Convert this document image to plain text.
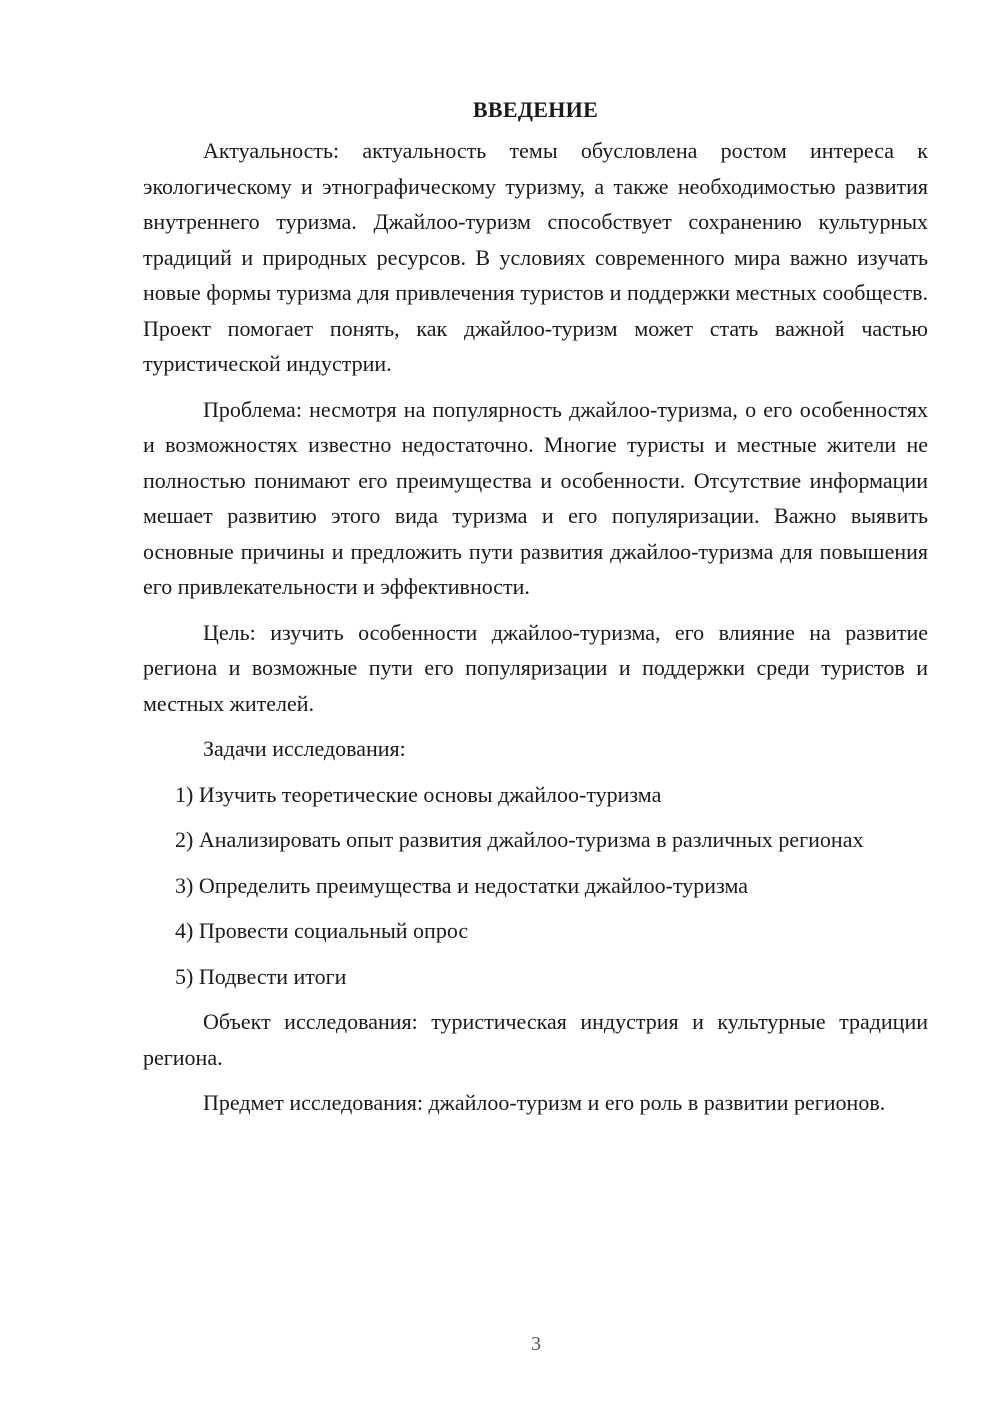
ВВЕДЕНИЕ

Актуальность: актуальность темы обусловлена ростом интереса к экологическому и этнографическому туризму, а также необходимостью развития внутреннего туризма. Джайлоо-туризм способствует сохранению культурных традиций и природных ресурсов. В условиях современного мира важно изучать новые формы туризма для привлечения туристов и поддержки местных сообществ. Проект помогает понять, как джайлоо-туризм может стать важной частью туристической индустрии.

Проблема: несмотря на популярность джайлоо-туризма, о его особенностях и возможностях известно недостаточно. Многие туристы и местные жители не полностью понимают его преимущества и особенности. Отсутствие информации мешает развитию этого вида туризма и его популяризации. Важно выявить основные причины и предложить пути развития джайлоо-туризма для повышения его привлекательности и эффективности.

Цель: изучить особенности джайлоо-туризма, его влияние на развитие региона и возможные пути его популяризации и поддержки среди туристов и местных жителей.

Задачи исследования:

1) Изучить теоретические основы джайлоо-туризма

2) Анализировать опыт развития джайлоо-туризма в различных регионах

3) Определить преимущества и недостатки джайлоо-туризма

4) Провести социальный опрос

5) Подвести итоги

Объект исследования: туристическая индустрия и культурные традиции региона.

Предмет исследования: джайлоо-туризм и его роль в развитии регионов.

3
